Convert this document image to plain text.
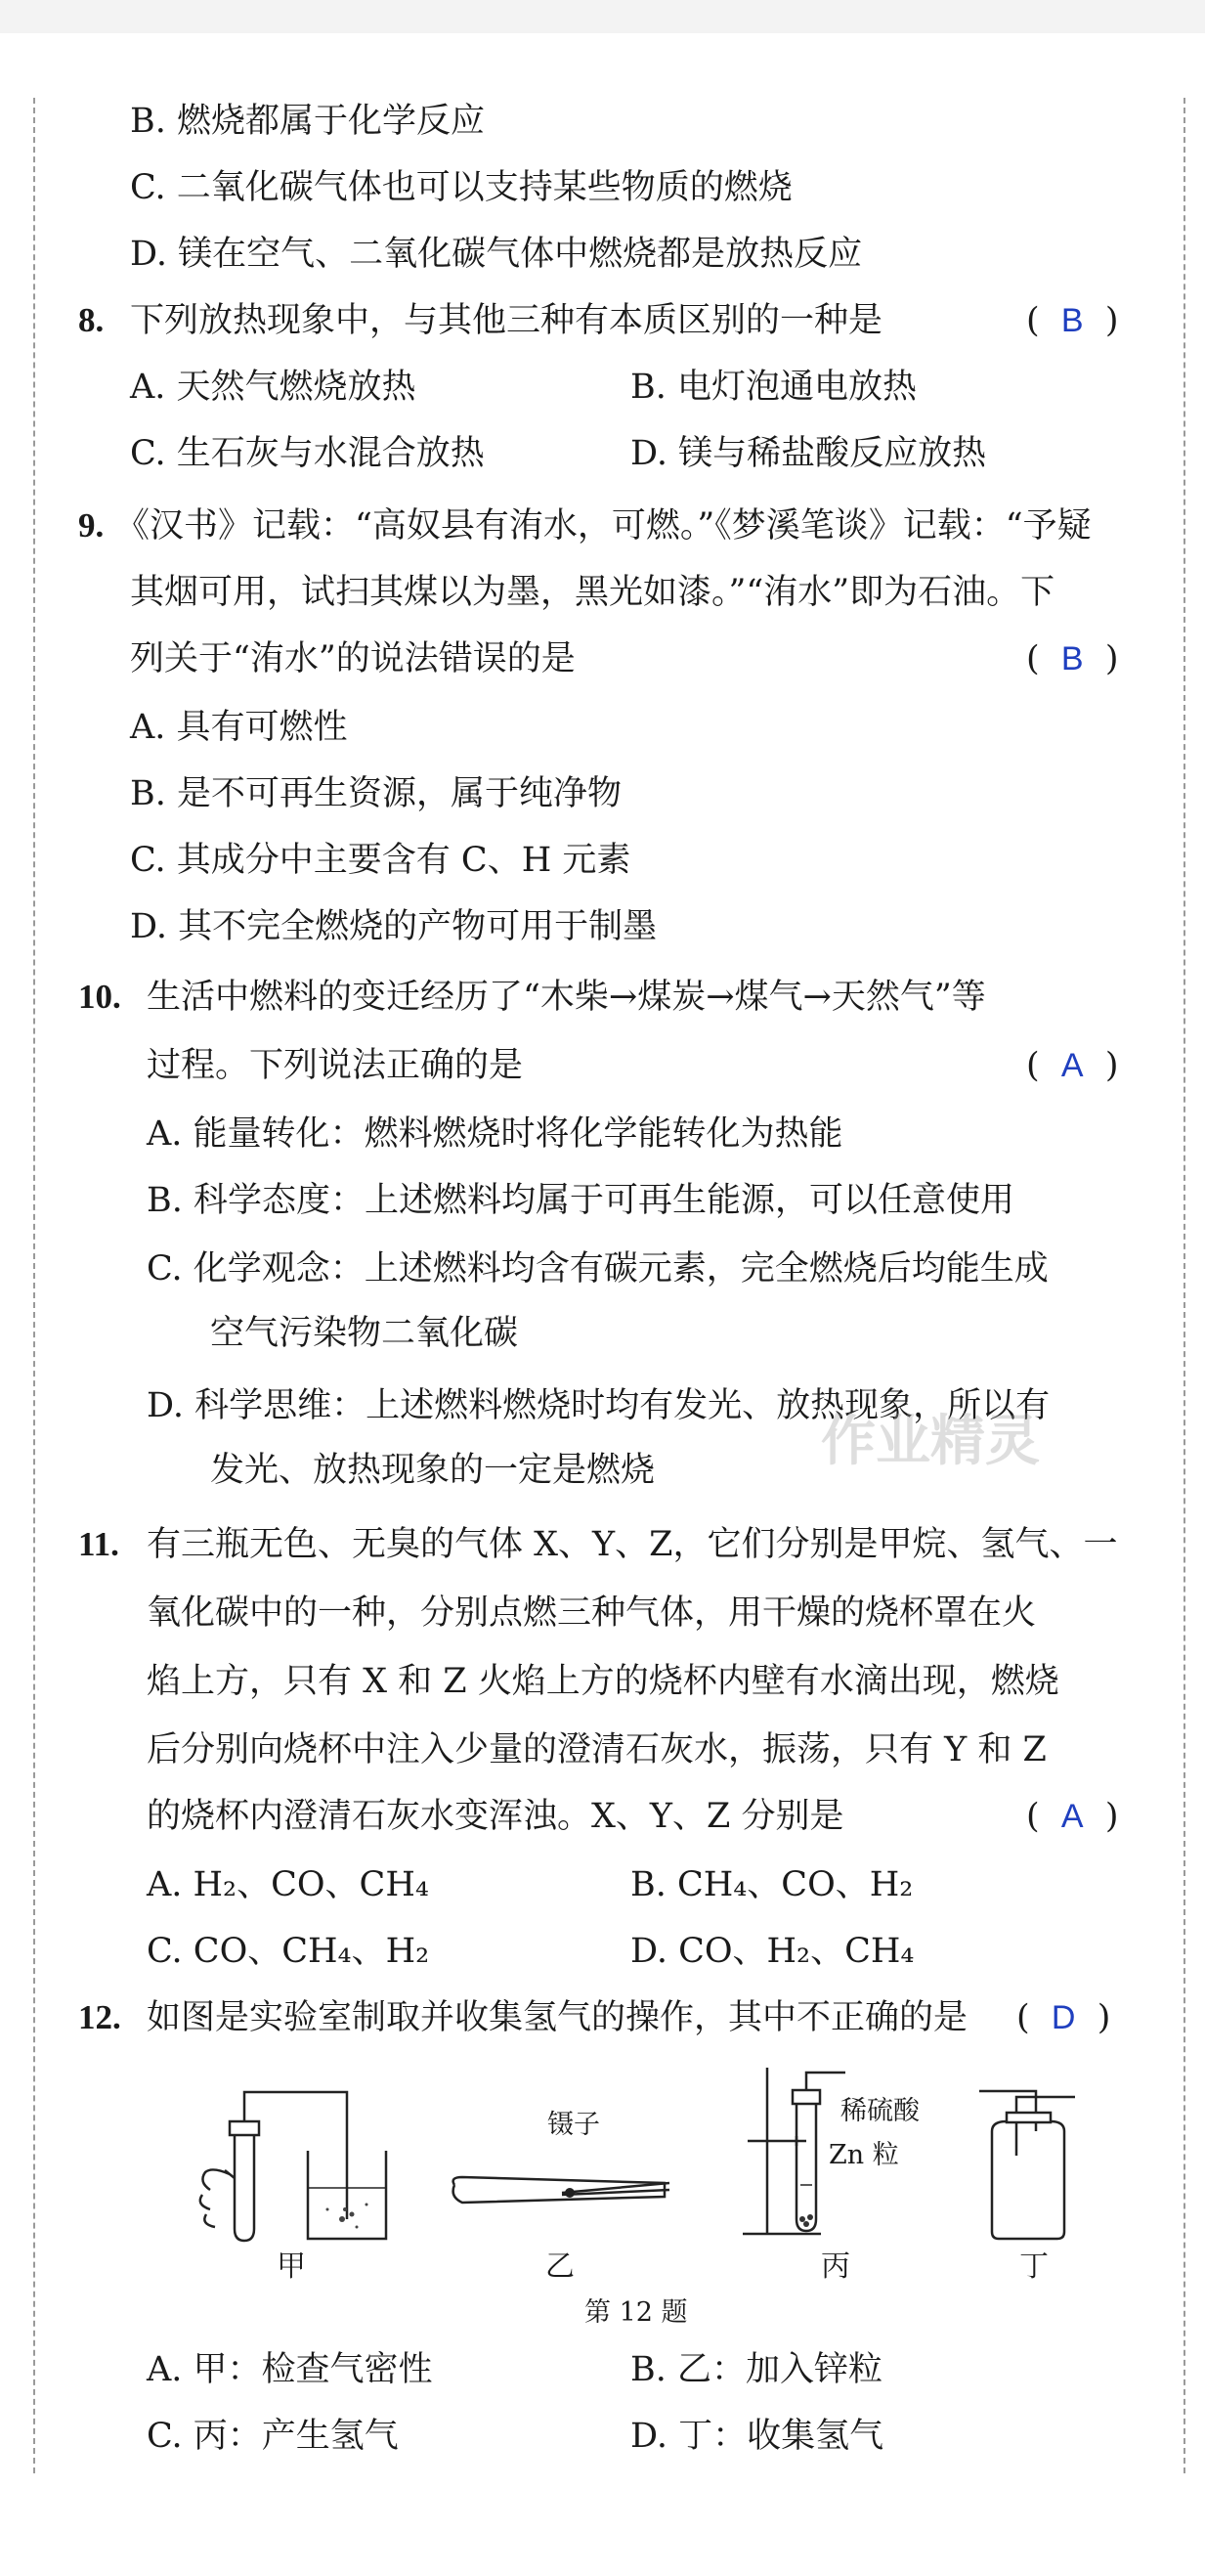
B. 燃烧都属于化学反应
C. 二氧化碳气体也可以支持某些物质的燃烧
D. 镁在空气、二氧化碳气体中燃烧都是放热反应
8. 下列放热现象中，与其他三种有本质区别的一种是	(  B  )
A. 天然气燃烧放热	B. 电灯泡通电放热
C. 生石灰与水混合放热	D. 镁与稀盐酸反应放热
9. 《汉书》记载：“高奴县有洧水，可燃。”《梦溪笔谈》记载：“予疑
其烟可用，试扫其煤以为墨，黑光如漆。”“洧水”即为石油。下
列关于“洧水”的说法错误的是	(  B  )
A. 具有可燃性
B. 是不可再生资源，属于纯净物
C. 其成分中主要含有 C、H 元素
D. 其不完全燃烧的产物可用于制墨
10. 生活中燃料的变迁经历了“木柴→煤炭→煤气→天然气”等
过程。下列说法正确的是	(  A  )
A. 能量转化：燃料燃烧时将化学能转化为热能
B. 科学态度：上述燃料均属于可再生能源，可以任意使用
C. 化学观念：上述燃料均含有碳元素，完全燃烧后均能生成
空气污染物二氧化碳
D. 科学思维：上述燃料燃烧时均有发光、放热现象，所以有
发光、放热现象的一定是燃烧
11. 有三瓶无色、无臭的气体 X、Y、Z，它们分别是甲烷、氢气、一
氧化碳中的一种，分别点燃三种气体，用干燥的烧杯罩在火
焰上方，只有 X 和 Z 火焰上方的烧杯内壁有水滴出现，燃烧
后分别向烧杯中注入少量的澄清石灰水，振荡，只有 Y 和 Z
的烧杯内澄清石灰水变浑浊。X、Y、Z 分别是	(  A  )
A. H₂、CO、CH₄	B. CH₄、CO、H₂
C. CO、CH₄、H₂	D. CO、H₂、CH₄
12. 如图是实验室制取并收集氢气的操作，其中不正确的是 (  D  )
稀硫酸
Zn 粒
镊子
甲	乙	丙	丁
第 12 题
A. 甲：检查气密性	B. 乙：加入锌粒
C. 丙：产生氢气	D. 丁：收集氢气
作业精灵
